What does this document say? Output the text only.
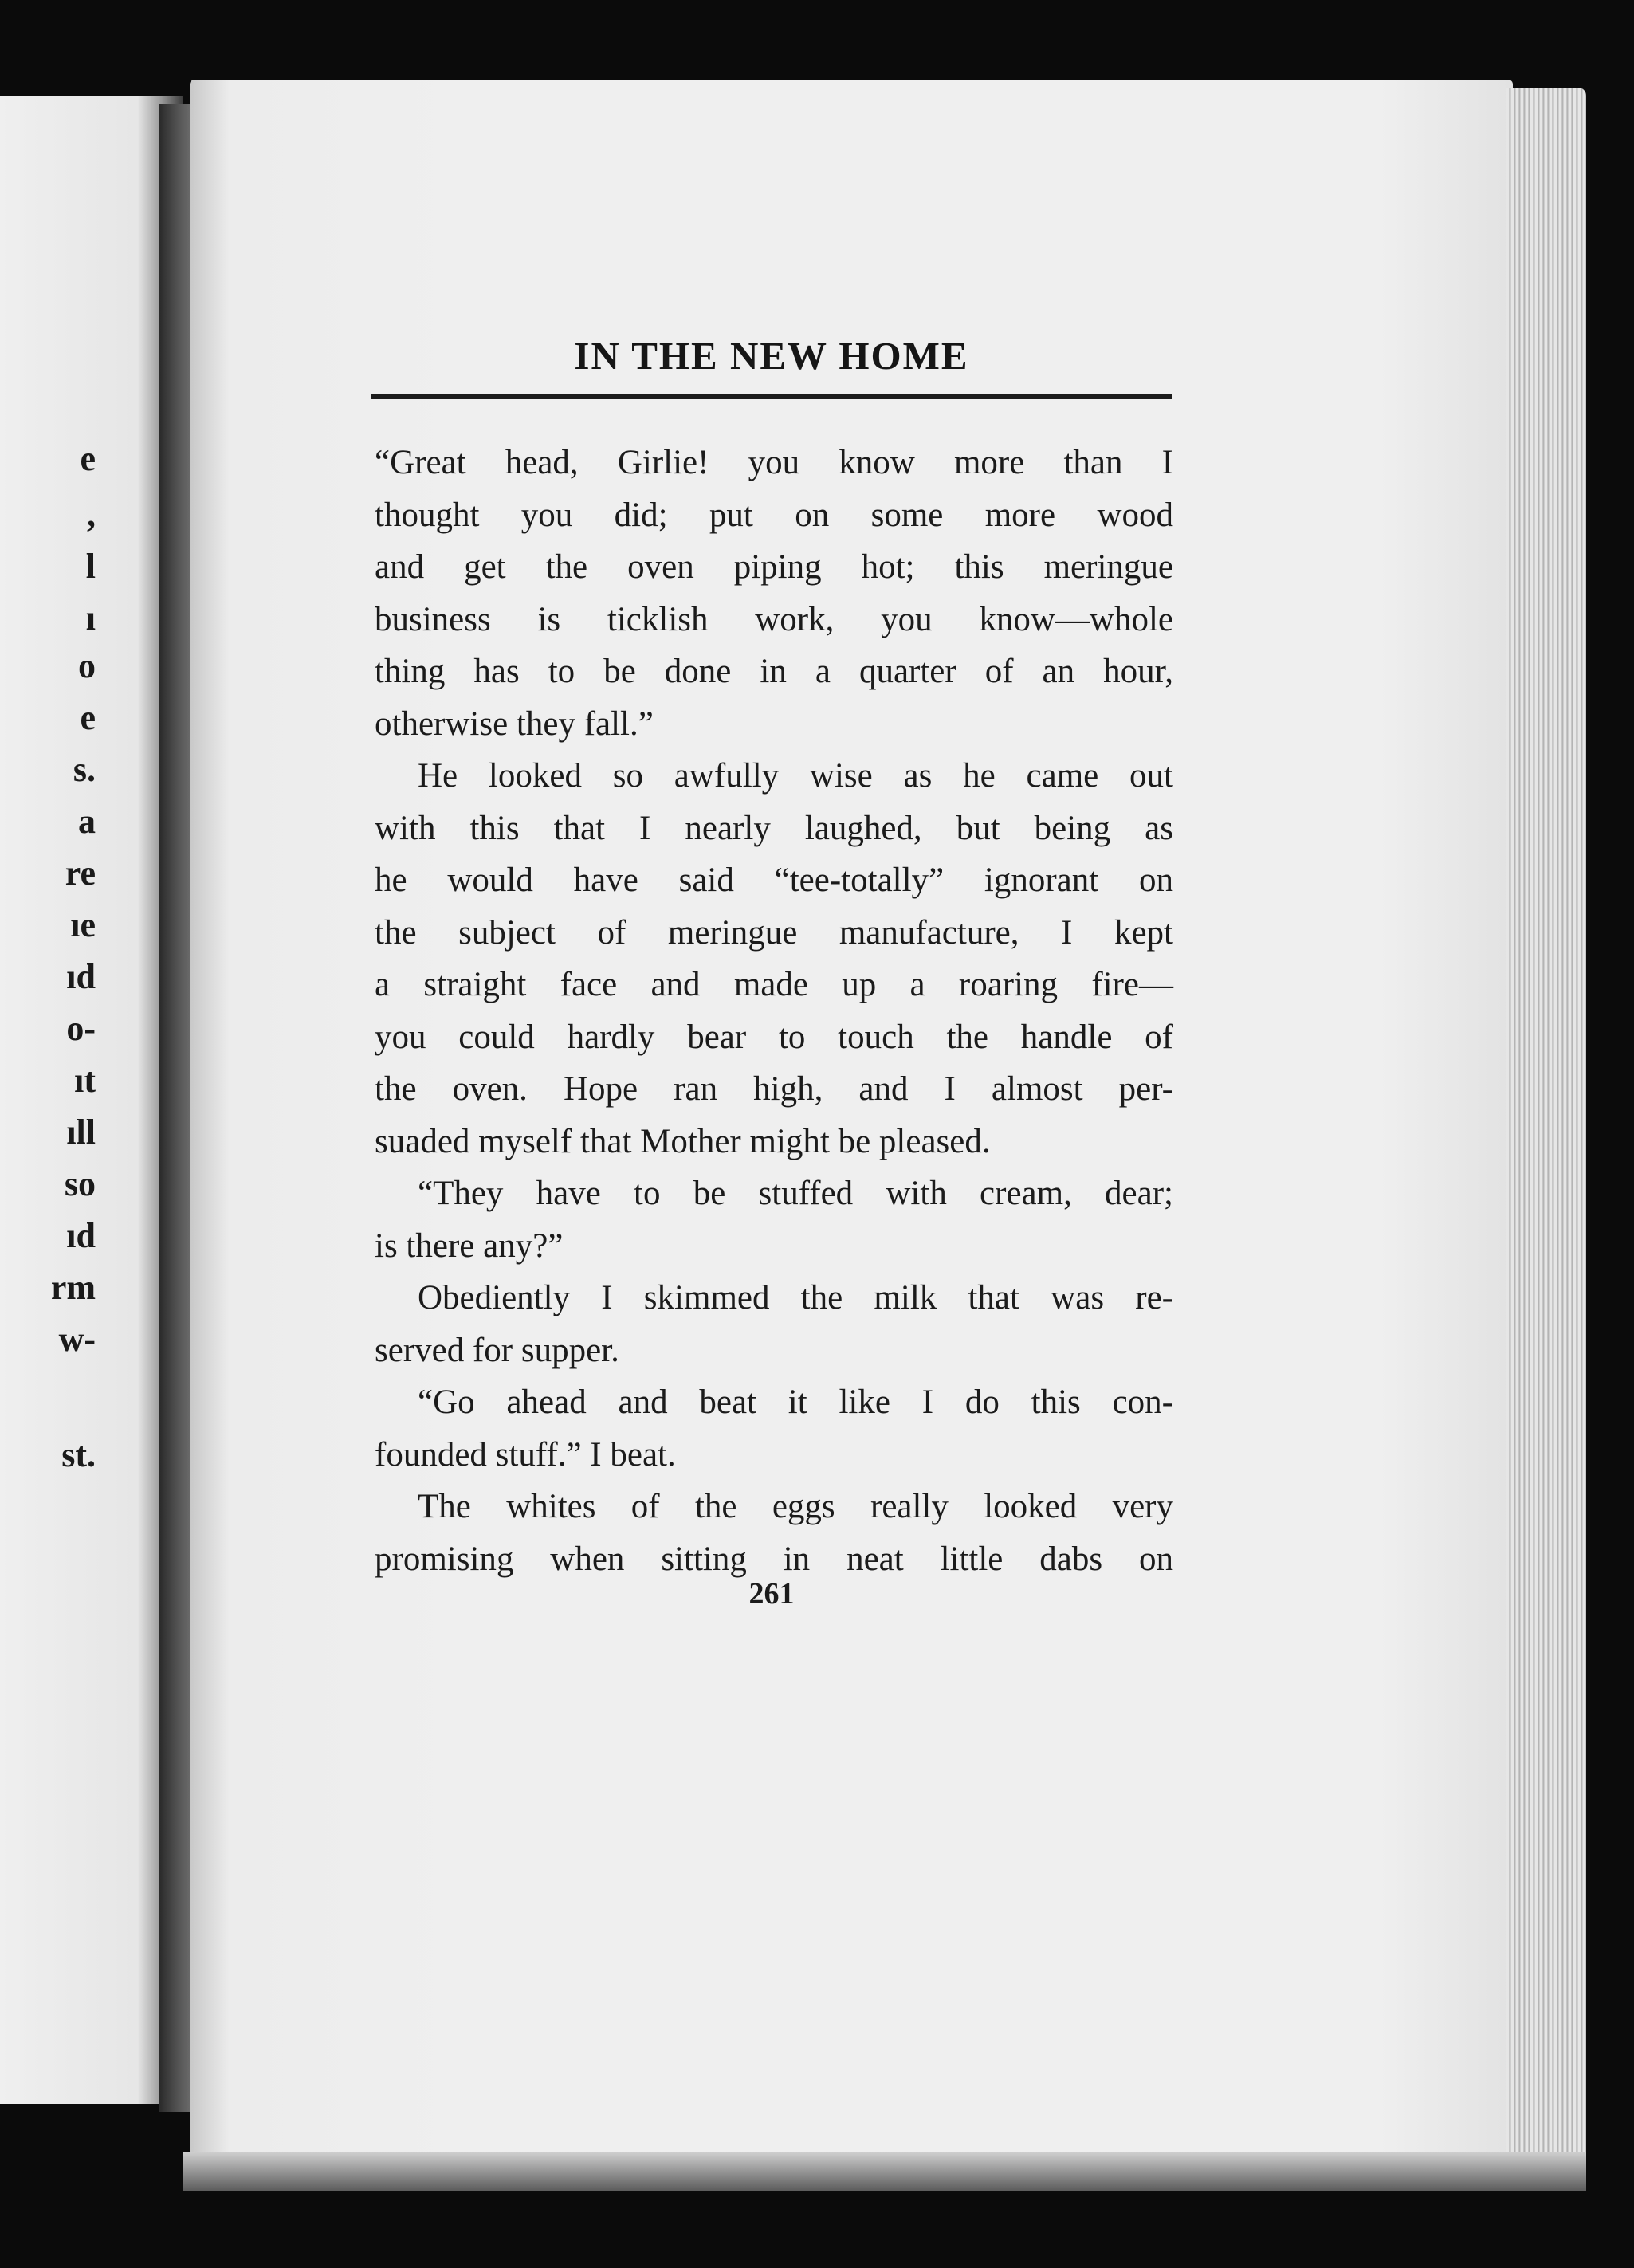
e
,
l
ı
o
e
s.
a
re
ıe
ıd
o-
ıt
ıll
so
ıd
rm
w-
st.
IN THE NEW HOME
“Great head, Girlie! you know more than I
thought you did; put on some more wood
and get the oven piping hot; this meringue
business is ticklish work, you know—whole
thing has to be done in a quarter of an hour,
otherwise they fall.”
He looked so awfully wise as he came out
with this that I nearly laughed, but being as
he would have said “tee-totally” ignorant on
the subject of meringue manufacture, I kept
a straight face and made up a roaring fire—
you could hardly bear to touch the handle of
the oven. Hope ran high, and I almost per-
suaded myself that Mother might be pleased.
“They have to be stuffed with cream, dear;
is there any?”
Obediently I skimmed the milk that was re-
served for supper.
“Go ahead and beat it like I do this con-
founded stuff.” I beat.
The whites of the eggs really looked very
promising when sitting in neat little dabs on
261
